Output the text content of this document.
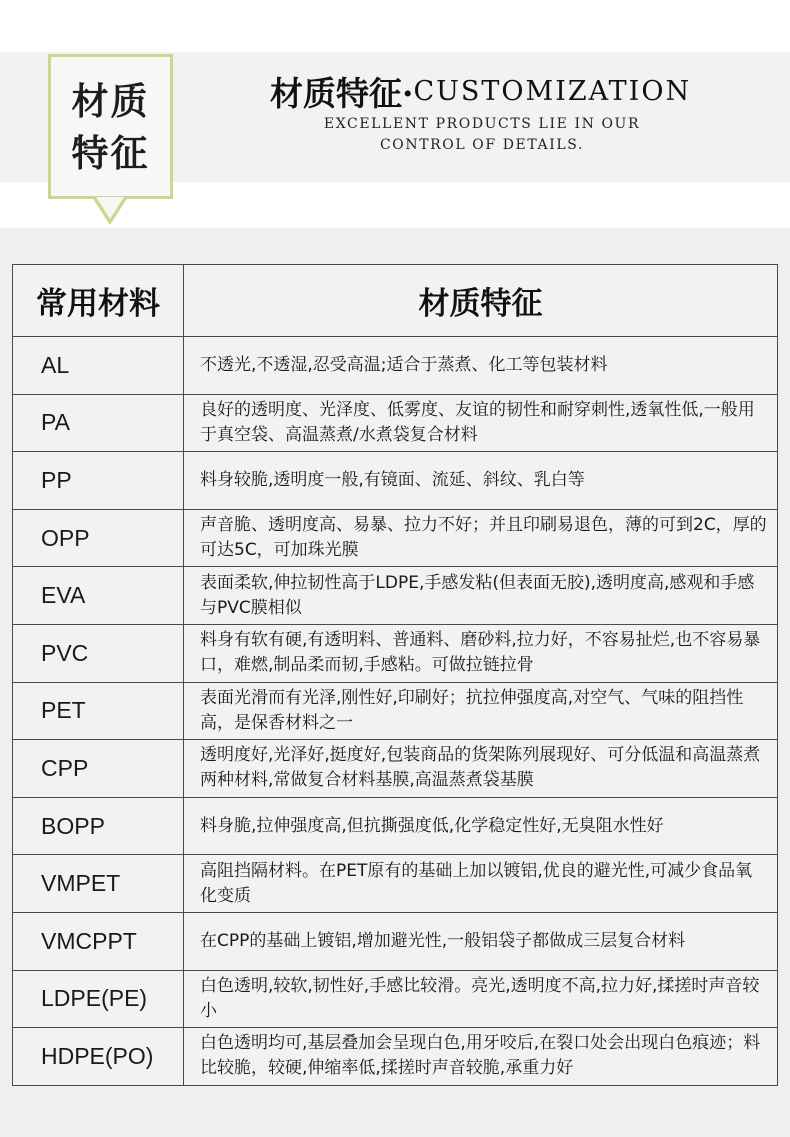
材质特征
材质特征·CUSTOMIZATION
EXCELLENT PRODUCTS LIE IN OUR
CONTROL OF DETAILS.
常用材料	材质特征
AL	不透光,不透湿,忍受高温;适合于蒸煮、化工等包装材料
PA	良好的透明度、光泽度、低雾度、友谊的韧性和耐穿刺性,透氧性低,一般用于真空袋、高温蒸煮/水煮袋复合材料
PP	料身较脆,透明度一般,有镜面、流延、斜纹、乳白等
OPP	声音脆、透明度高、易暴、拉力不好；并且印刷易退色，薄的可到2C，厚的可达5C，可加珠光膜
EVA	表面柔软,伸拉韧性高于LDPE,手感发粘(但表面无胶),透明度高,感观和手感与PVC膜相似
PVC	料身有软有硬,有透明料、普通料、磨砂料,拉力好，不容易扯烂,也不容易暴口，难燃,制品柔而韧,手感粘。可做拉链拉骨
PET	表面光滑而有光泽,刚性好,印刷好；抗拉伸强度高,对空气、气味的阻挡性高，是保香材料之一
CPP	透明度好,光泽好,挺度好,包装商品的货架陈列展现好、可分低温和高温蒸煮两种材料,常做复合材料基膜,高温蒸煮袋基膜
BOPP	料身脆,拉伸强度高,但抗撕强度低,化学稳定性好,无臭阻水性好
VMPET	高阻挡隔材料。在PET原有的基础上加以镀铝,优良的避光性,可减少食品氧化变质
VMCPPT	在CPP的基础上镀铝,增加避光性,一般铝袋子都做成三层复合材料
LDPE(PE)	白色透明,较软,韧性好,手感比较滑。亮光,透明度不高,拉力好,揉搓时声音较小
HDPE(PO)	白色透明均可,基层叠加会呈现白色,用牙咬后,在裂口处会出现白色痕迹；料比较脆，较硬,伸缩率低,揉搓时声音较脆,承重力好
